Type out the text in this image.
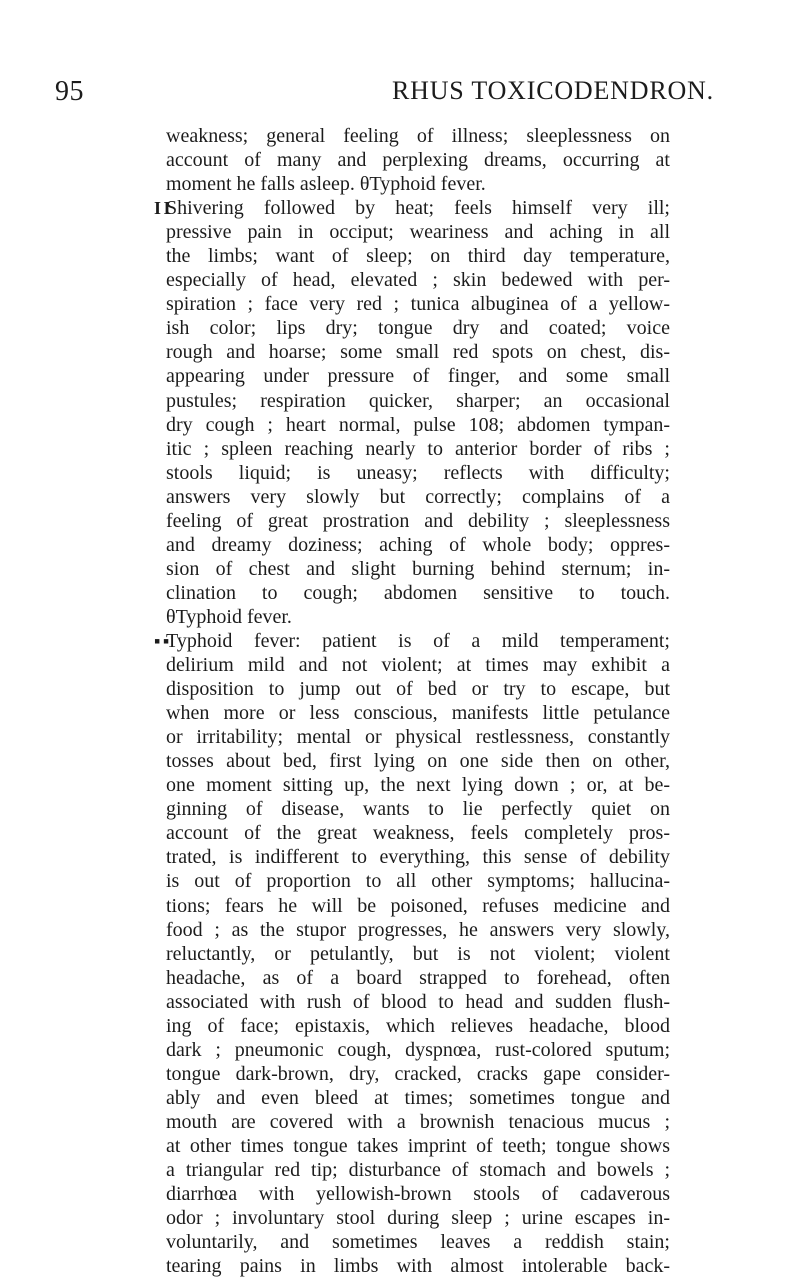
95	RHUS TOXICODENDRON.
weakness; general feeling of illness; sleeplessness on
account of many and perplexing dreams, occurring at
moment he falls asleep. θTyphoid fever.
I I
Shivering followed by heat; feels himself very ill;
pressive pain in occiput; weariness and aching in all
the limbs; want of sleep; on third day temperature,
especially of head, elevated ; skin bedewed with per-
spiration ; face very red ; tunica albuginea of a yellow-
ish color; lips dry; tongue dry and coated; voice
rough and hoarse; some small red spots on chest, dis-
appearing under pressure of finger, and some small
pustules; respiration quicker, sharper; an occasional
dry cough ; heart normal, pulse 108; abdomen tympan-
itic ; spleen reaching nearly to anterior border of ribs ;
stools liquid; is uneasy; reflects with difficulty;
answers very slowly but correctly; complains of a
feeling of great prostration and debility ; sleeplessness
and dreamy doziness; aching of whole body; oppres-
sion of chest and slight burning behind sternum; in-
clination to cough; abdomen sensitive to touch.
θTyphoid fever.
▪ ▪
Typhoid fever: patient is of a mild temperament;
delirium mild and not violent; at times may exhibit a
disposition to jump out of bed or try to escape, but
when more or less conscious, manifests little petulance
or irritability; mental or physical restlessness, constantly
tosses about bed, first lying on one side then on other,
one moment sitting up, the next lying down ; or, at be-
ginning of disease, wants to lie perfectly quiet on
account of the great weakness, feels completely pros-
trated, is indifferent to everything, this sense of debility
is out of proportion to all other symptoms; hallucina-
tions; fears he will be poisoned, refuses medicine and
food ; as the stupor progresses, he answers very slowly,
reluctantly, or petulantly, but is not violent; violent
headache, as of a board strapped to forehead, often
associated with rush of blood to head and sudden flush-
ing of face; epistaxis, which relieves headache, blood
dark ; pneumonic cough, dyspnœa, rust-colored sputum;
tongue dark-brown, dry, cracked, cracks gape consider-
ably and even bleed at times; sometimes tongue and
mouth are covered with a brownish tenacious mucus ;
at other times tongue takes imprint of teeth; tongue shows
a triangular red tip; disturbance of stomach and bowels ;
diarrhœa with yellowish-brown stools of cadaverous
odor ; involuntary stool during sleep ; urine escapes in-
voluntarily, and sometimes leaves a reddish stain;
tearing pains in limbs with almost intolerable back-
